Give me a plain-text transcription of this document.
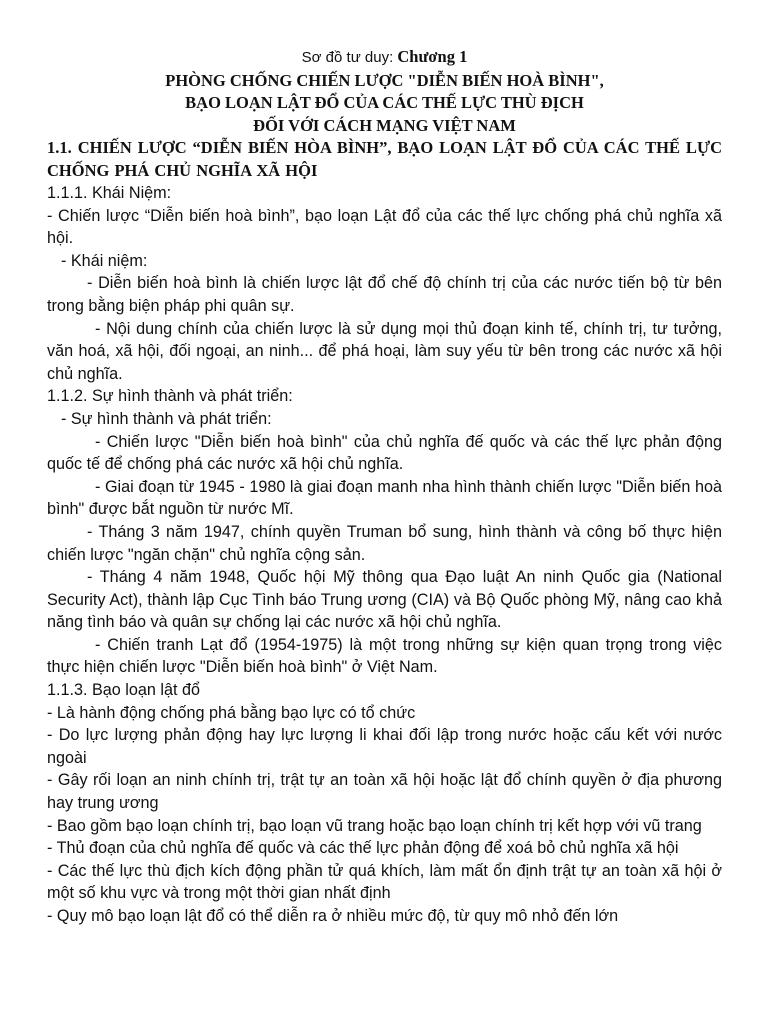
Sơ đồ tư duy: Chương 1
PHÒNG CHỐNG CHIẾN LƯỢC "DIỄN BIẾN HOÀ BÌNH",
BẠO LOẠN LẬT ĐỔ CỦA CÁC THẾ LỰC THÙ ĐỊCH
ĐỐI VỚI CÁCH MẠNG VIỆT NAM
1.1. CHIẾN LƯỢC “DIỄN BIẾN HÒA BÌNH”, BẠO LOẠN LẬT ĐỔ CỦA CÁC THẾ LỰC CHỐNG PHÁ CHỦ NGHĨA XÃ HỘI

1.1.1. Khái Niệm:

- Chiến lược “Diễn biến hoà bình”, bạo loạn Lật đổ của các thế lực chống phá chủ nghĩa xã hội.

- Khái niệm:

- Diễn biến hoà bình là chiến lược lật đổ chế độ chính trị của các nước tiến bộ từ bên trong bằng biện pháp phi quân sự.

- Nội dung chính của chiến lược là sử dụng mọi thủ đoạn kinh tế, chính trị, tư tưởng, văn hoá, xã hội, đối ngoại, an ninh... để phá hoại, làm suy yếu từ bên trong các nước xã hội chủ nghĩa.

1.1.2. Sự hình thành và phát triển:

- Sự hình thành và phát triển:

- Chiến lược "Diễn biến hoà bình" của chủ nghĩa đế quốc và các thế lực phản động quốc tế để chống phá các nước xã hội chủ nghĩa.

- Giai đoạn từ 1945 - 1980 là giai đoạn manh nha hình thành chiến lược "Diễn biến hoà bình" được bắt nguồn từ nước Mĩ.

- Tháng 3 năm 1947, chính quyền Truman bổ sung, hình thành và công bố thực hiện chiến lược "ngăn chặn" chủ nghĩa cộng sản.

- Tháng 4 năm 1948, Quốc hội Mỹ thông qua Đạo luật An ninh Quốc gia (National Security Act), thành lập Cục Tình báo Trung ương (CIA) và Bộ Quốc phòng Mỹ, nâng cao khả năng tình báo và quân sự chống lại các nước xã hội chủ nghĩa.

- Chiến tranh Lạt đổ (1954-1975) là một trong những sự kiện quan trọng trong việc thực hiện chiến lược "Diễn biến hoà bình" ở Việt Nam.

1.1.3. Bạo loạn lật đổ

- Là hành động chống phá bằng bạo lực có tổ chức

- Do lực lượng phản động hay lực lượng li khai đối lập trong nước hoặc cấu kết với nước ngoài

- Gây rối loạn an ninh chính trị, trật tự an toàn xã hội hoặc lật đổ chính quyền ở địa phương hay trung ương

- Bao gồm bạo loạn chính trị, bạo loạn vũ trang hoặc bạo loạn chính trị kết hợp với vũ trang

- Thủ đoạn của chủ nghĩa đế quốc và các thế lực phản động để xoá bỏ chủ nghĩa xã hội

- Các thế lực thù địch kích động phần tử quá khích, làm mất ổn định trật tự an toàn xã hội ở một số khu vực và trong một thời gian nhất định

- Quy mô bạo loạn lật đổ có thể diễn ra ở nhiều mức độ, từ quy mô nhỏ đến lớn
